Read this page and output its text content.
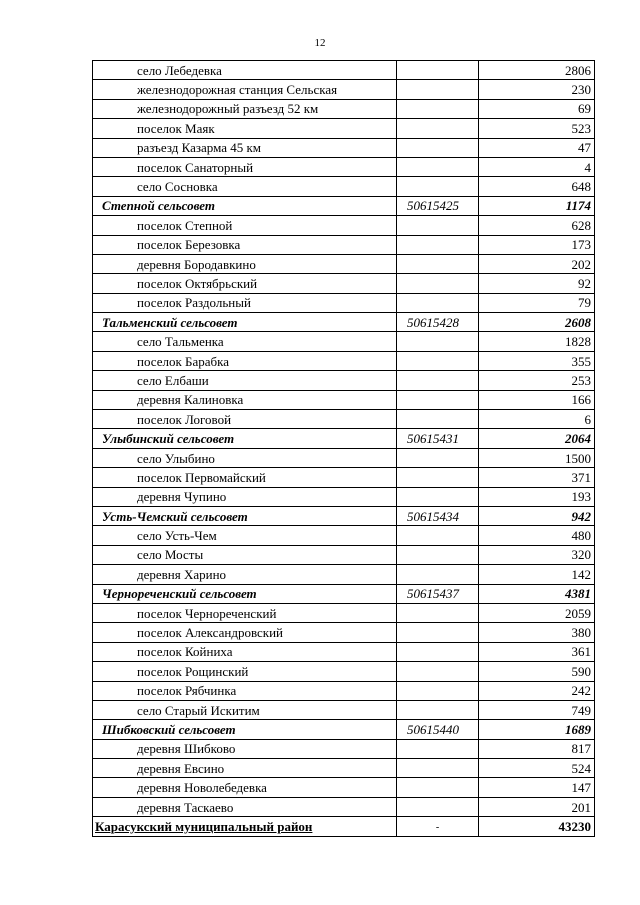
12
село Лебедевка		2806
железнодорожная станция Сельская		230
железнодорожный разъезд 52 км		69
поселок Маяк		523
разъезд Казарма 45 км		47
поселок Санаторный		4
село Сосновка		648
Степной сельсовет	50615425	1174
поселок Степной		628
поселок Березовка		173
деревня Бородавкино		202
поселок Октябрьский		92
поселок Раздольный		79
Тальменский сельсовет	50615428	2608
село Тальменка		1828
поселок Барабка		355
село Елбаши		253
деревня Калиновка		166
поселок Логовой		6
Улыбинский сельсовет	50615431	2064
село Улыбино		1500
поселок Первомайский		371
деревня Чупино		193
Усть-Чемский сельсовет	50615434	942
село Усть-Чем		480
село Мосты		320
деревня Харино		142
Чернореченский сельсовет	50615437	4381
поселок Чернореченский		2059
поселок Александровский		380
поселок Койниха		361
поселок Рощинский		590
поселок Рябчинка		242
село Старый Искитим		749
Шибковский сельсовет	50615440	1689
деревня Шибково		817
деревня Евсино		524
деревня Новолебедевка		147
деревня Таскаево		201
Карасукский муниципальный район	-	43230
